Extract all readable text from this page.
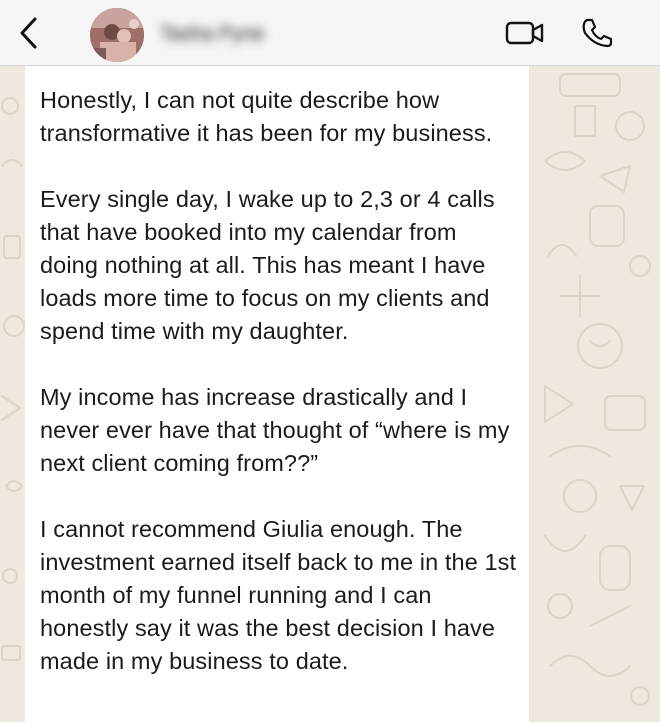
Tasha Pyne

Honestly, I can not quite describe how transformative it has been for my business.

Every single day, I wake up to 2,3 or 4 calls that have booked into my calendar from doing nothing at all. This has meant I have loads more time to focus on my clients and spend time with my daughter.

My income has increase drastically and I never ever have that thought of “where is my next client coming from??”

I cannot recommend Giulia enough. The investment earned itself back to me in the 1st month of my funnel running and I can honestly say it was the best decision I have made in my business to date.
